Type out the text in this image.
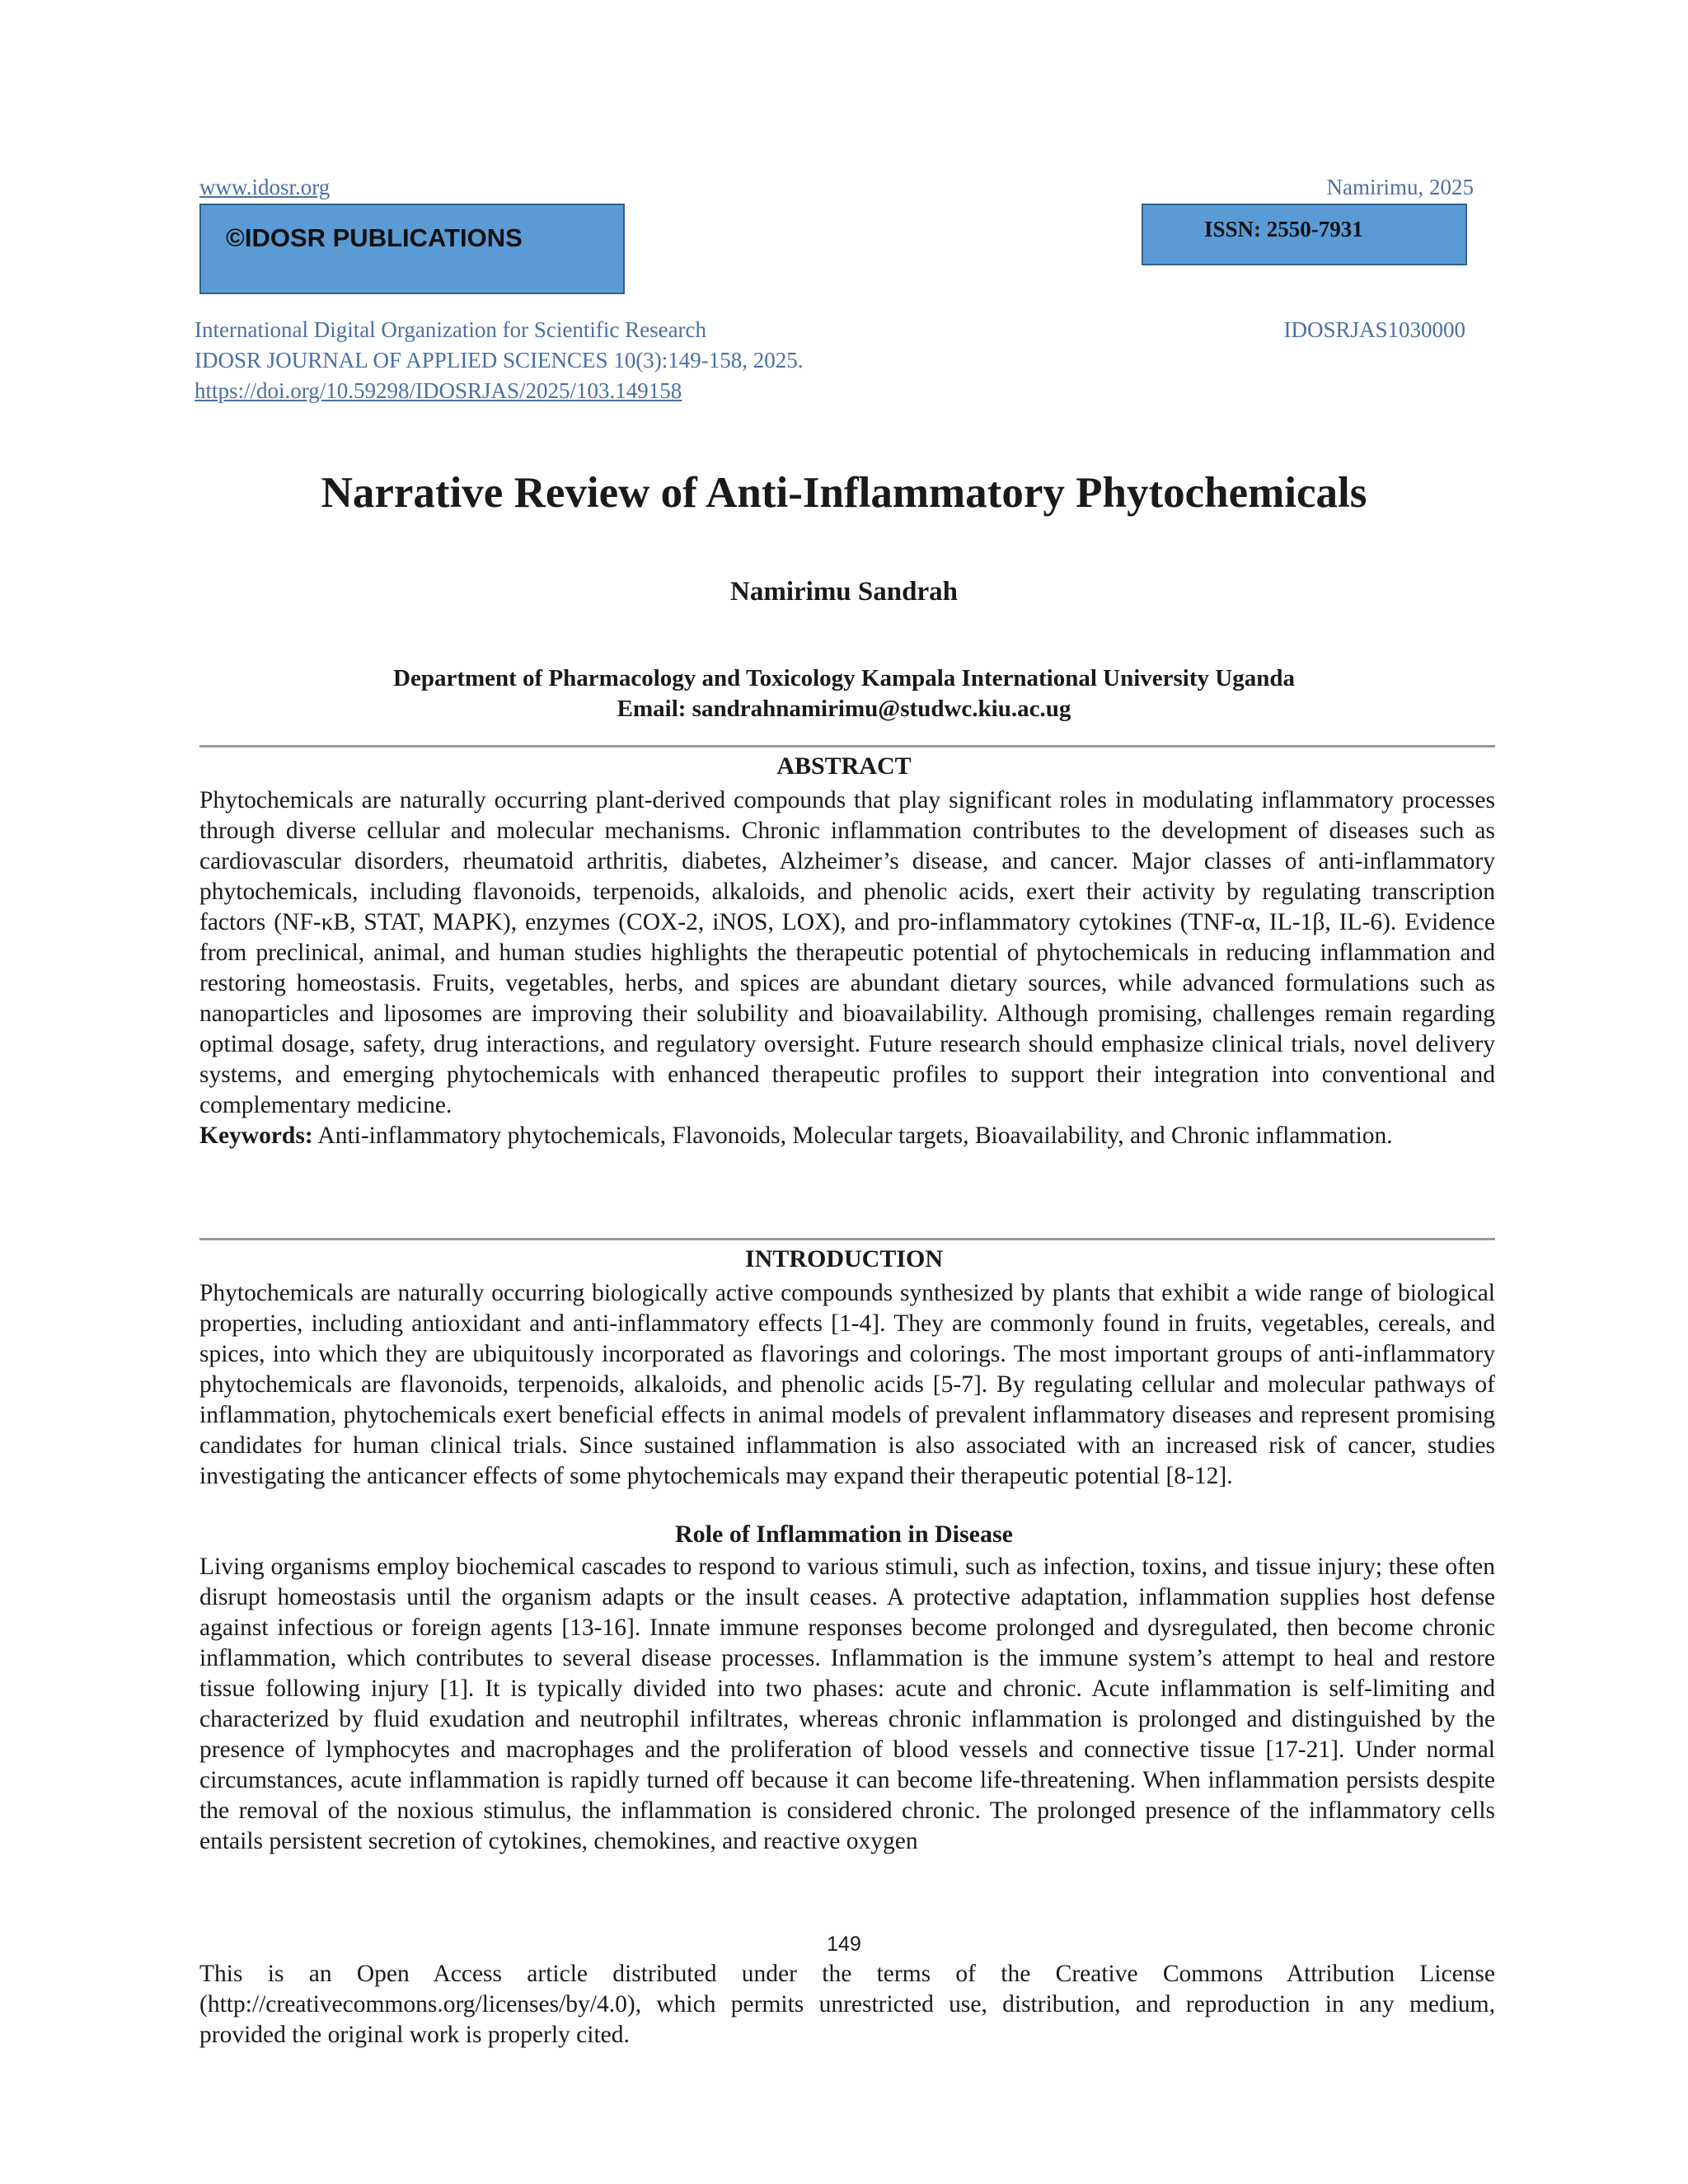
www.idosr.org	Namirimu, 2025
©IDOSR PUBLICATIONS	ISSN: 2550-7931
International Digital Organization for Scientific Research	IDOSRJAS1030000
IDOSR JOURNAL OF APPLIED SCIENCES 10(3):149-158, 2025.
https://doi.org/10.59298/IDOSRJAS/2025/103.149158
Narrative Review of Anti-Inflammatory Phytochemicals
Namirimu Sandrah
Department of Pharmacology and Toxicology Kampala International University Uganda
Email: sandrahnamirimu@studwc.kiu.ac.ug
ABSTRACT

Phytochemicals are naturally occurring plant-derived compounds that play significant roles in modulating inflammatory processes through diverse cellular and molecular mechanisms. Chronic inflammation contributes to the development of diseases such as cardiovascular disorders, rheumatoid arthritis, diabetes, Alzheimer’s disease, and cancer. Major classes of anti-inflammatory phytochemicals, including flavonoids, terpenoids, alkaloids, and phenolic acids, exert their activity by regulating transcription factors (NF-κB, STAT, MAPK), enzymes (COX-2, iNOS, LOX), and pro-inflammatory cytokines (TNF-α, IL-1β, IL-6). Evidence from preclinical, animal, and human studies highlights the therapeutic potential of phytochemicals in reducing inflammation and restoring homeostasis. Fruits, vegetables, herbs, and spices are abundant dietary sources, while advanced formulations such as nanoparticles and liposomes are improving their solubility and bioavailability. Although promising, challenges remain regarding optimal dosage, safety, drug interactions, and regulatory oversight. Future research should emphasize clinical trials, novel delivery systems, and emerging phytochemicals with enhanced therapeutic profiles to support their integration into conventional and complementary medicine.

Keywords: Anti-inflammatory phytochemicals, Flavonoids, Molecular targets, Bioavailability, and Chronic inflammation.

INTRODUCTION

Phytochemicals are naturally occurring biologically active compounds synthesized by plants that exhibit a wide range of biological properties, including antioxidant and anti-inflammatory effects [1-4]. They are commonly found in fruits, vegetables, cereals, and spices, into which they are ubiquitously incorporated as flavorings and colorings. The most important groups of anti-inflammatory phytochemicals are flavonoids, terpenoids, alkaloids, and phenolic acids [5-7]. By regulating cellular and molecular pathways of inflammation, phytochemicals exert beneficial effects in animal models of prevalent inflammatory diseases and represent promising candidates for human clinical trials. Since sustained inflammation is also associated with an increased risk of cancer, studies investigating the anticancer effects of some phytochemicals may expand their therapeutic potential [8-12].

Role of Inflammation in Disease

Living organisms employ biochemical cascades to respond to various stimuli, such as infection, toxins, and tissue injury; these often disrupt homeostasis until the organism adapts or the insult ceases. A protective adaptation, inflammation supplies host defense against infectious or foreign agents [13-16]. Innate immune responses become prolonged and dysregulated, then become chronic inflammation, which contributes to several disease processes. Inflammation is the immune system’s attempt to heal and restore tissue following injury [1]. It is typically divided into two phases: acute and chronic. Acute inflammation is self-limiting and characterized by fluid exudation and neutrophil infiltrates, whereas chronic inflammation is prolonged and distinguished by the presence of lymphocytes and macrophages and the proliferation of blood vessels and connective tissue [17-21]. Under normal circumstances, acute inflammation is rapidly turned off because it can become life-threatening. When inflammation persists despite the removal of the noxious stimulus, the inflammation is considered chronic. The prolonged presence of the inflammatory cells entails persistent secretion of cytokines, chemokines, and reactive oxygen

149
This is an Open Access article distributed under the terms of the Creative Commons Attribution License (http://creativecommons.org/licenses/by/4.0), which permits unrestricted use, distribution, and reproduction in any medium, provided the original work is properly cited.
